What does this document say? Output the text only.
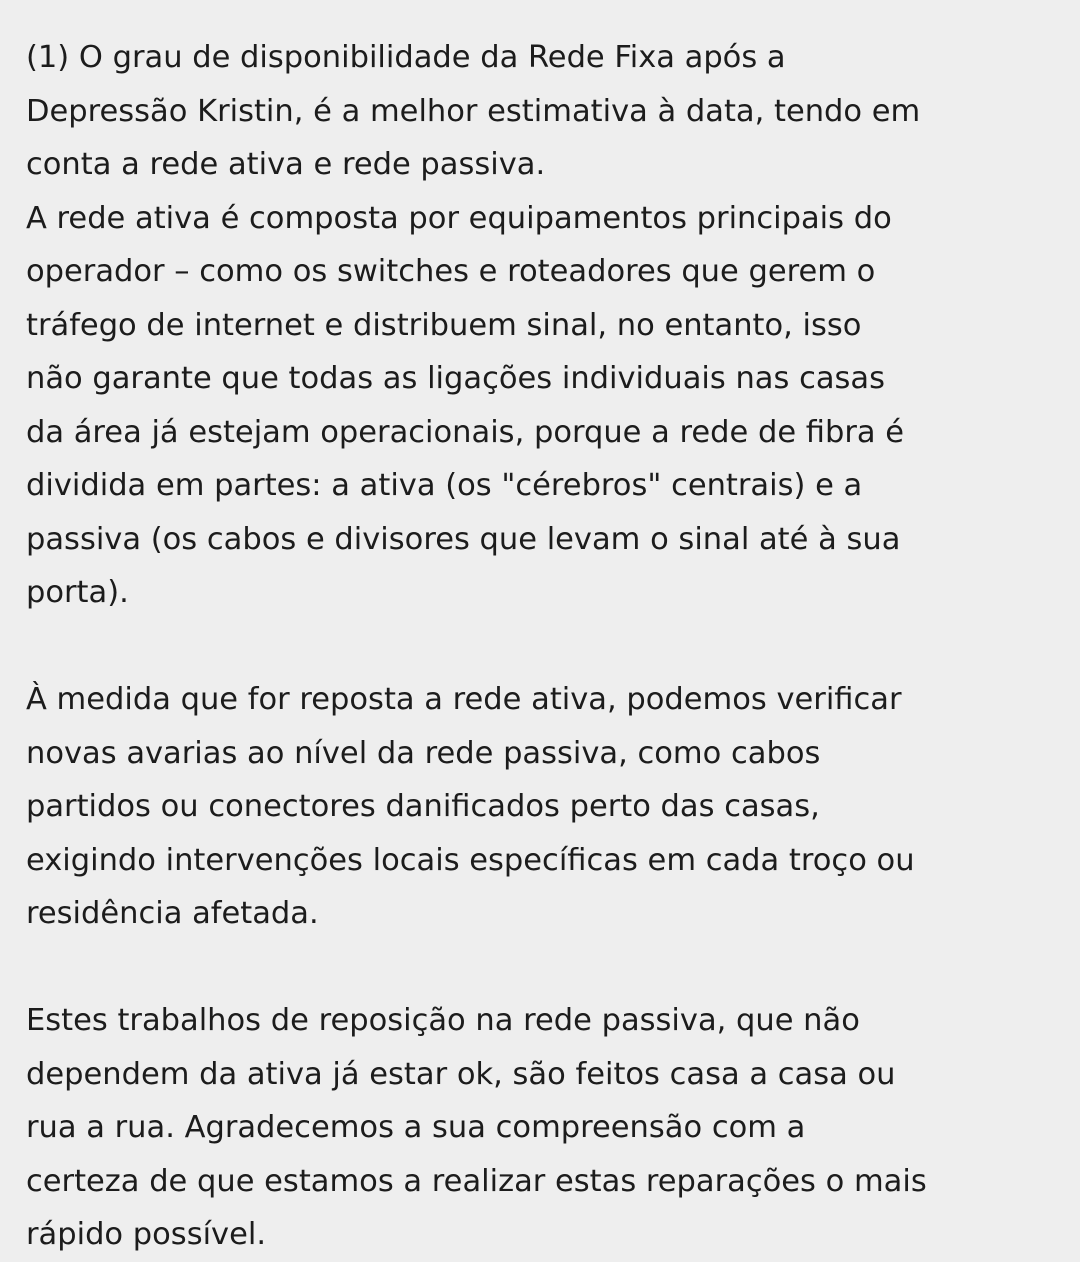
(1) O grau de disponibilidade da Rede Fixa após a
Depressão Kristin, é a melhor estimativa à data, tendo em
conta a rede ativa e rede passiva.
A rede ativa é composta por equipamentos principais do
operador – como os switches e roteadores que gerem o
tráfego de internet e distribuem sinal, no entanto, isso
não garante que todas as ligações individuais nas casas
da área já estejam operacionais, porque a rede de fibra é
dividida em partes: a ativa (os "cérebros" centrais) e a
passiva (os cabos e divisores que levam o sinal até à sua
porta).
À medida que for reposta a rede ativa, podemos verificar
novas avarias ao nível da rede passiva, como cabos
partidos ou conectores danificados perto das casas,
exigindo intervenções locais específicas em cada troço ou
residência afetada.
Estes trabalhos de reposição na rede passiva, que não
dependem da ativa já estar ok, são feitos casa a casa ou
rua a rua. Agradecemos a sua compreensão com a
certeza de que estamos a realizar estas reparações o mais
rápido possível.
